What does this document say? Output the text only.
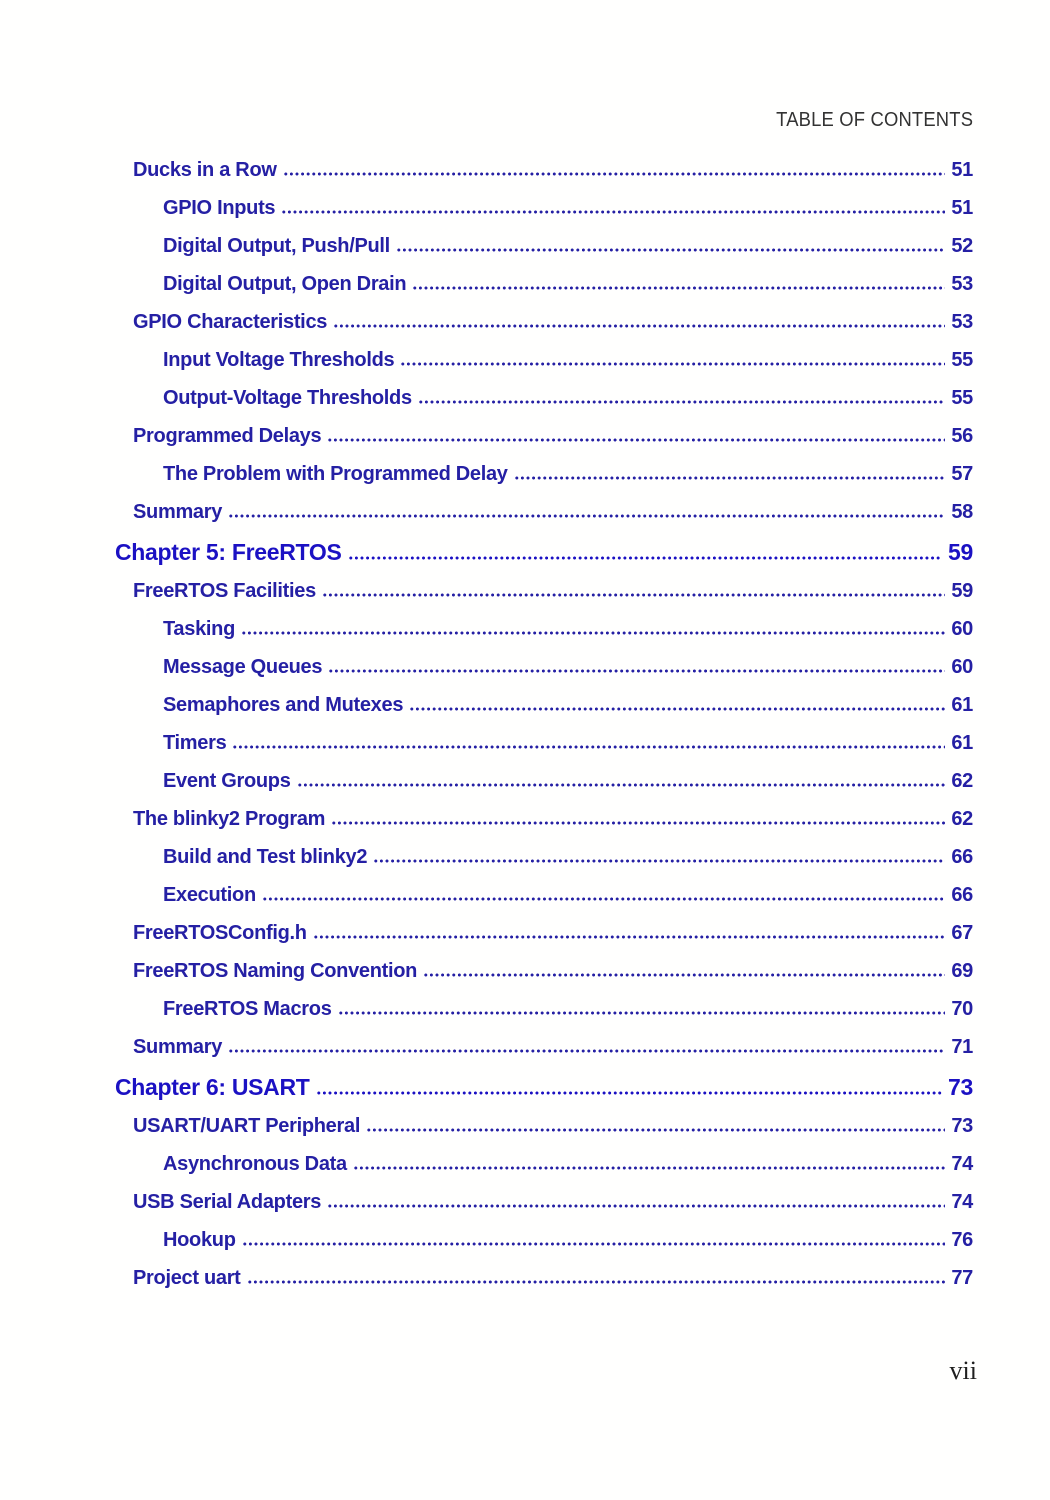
TABLE OF CONTENTS
Ducks in a Row	51
GPIO Inputs	51
Digital Output, Push/Pull	52
Digital Output, Open Drain	53
GPIO Characteristics	53
Input Voltage Thresholds	55
Output-Voltage Thresholds	55
Programmed Delays	56
The Problem with Programmed Delay	57
Summary	58
Chapter 5: FreeRTOS	59
FreeRTOS Facilities	59
Tasking	60
Message Queues	60
Semaphores and Mutexes	61
Timers	61
Event Groups	62
The blinky2 Program	62
Build and Test blinky2	66
Execution	66
FreeRTOSConfig.h	67
FreeRTOS Naming Convention	69
FreeRTOS Macros	70
Summary	71
Chapter 6: USART	73
USART/UART Peripheral	73
Asynchronous Data	74
USB Serial Adapters	74
Hookup	76
Project uart	77
vii
